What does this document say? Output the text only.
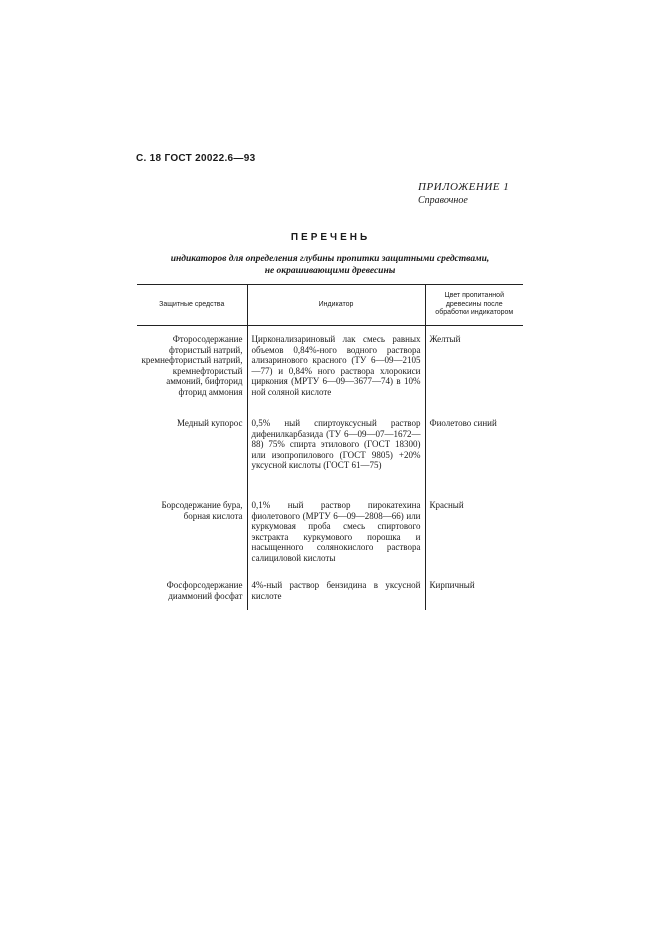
С. 18 ГОСТ 20022.6—93
ПРИЛОЖЕНИЕ 1
Справочное
ПЕРЕЧЕНЬ
индикаторов для определения глубины пропитки защитными средствами,
не окрашивающими древесины
Защитные средства	Индикатор	Цвет пропитанной древесины после обработки индикатором
Фторосодержание фтористый натрий, кремнефтористый натрий, кремнефтористый аммоний, бифторид фторид аммония	Цирконализариновый лак смесь равных объемов 0,84%-ного водного раствора ализаринового красного (ТУ 6—09—2105—77) и 0,84% ного раствора хлорокиси циркония (МРТУ 6—09—3677—74) в 10% ной соляной кислоте	Желтый
Медный купорос	0,5% ный спиртоуксусный раствор дифенилкарбазида (ТУ 6—09—07—1672—88) 75% спирта этилового (ГОСТ 18300) или изопропилового (ГОСТ 9805) +20% уксусной кислоты (ГОСТ 61—75)	Фиолетово синий
Борсодержание бура, борная кислота	0,1% ный раствор пирокатехина фиолетового (МРТУ 6—09—2808—66) или куркумовая проба смесь спиртового экстракта куркумового порошка и насыщенного солянокислого раствора салициловой кислоты	Красный
Фосфорсодержание диаммоний фосфат	4%-ный раствор бензидина в уксусной кислоте	Кирпичный
